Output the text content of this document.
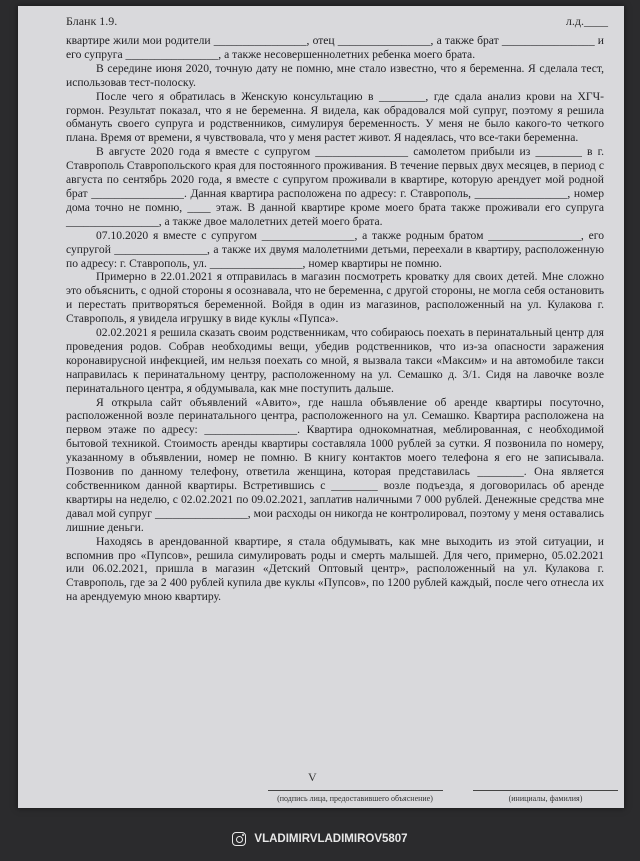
Бланк 1.9.	л.д.____

квартире жили мои родители ________________, отец ________________, а также брат ________________ и его супруга ________________, а также несовершеннолетних ребенка моего брата.

В середине июня 2020, точную дату не помню, мне стало известно, что я беременна. Я сделала тест, использовав тест-полоску.

После чего я обратилась в Женскую консультацию в ________, где сдала анализ крови на ХГЧ-гормон. Результат показал, что я не беременна. Я видела, как обрадовался мой супруг, поэтому я решила обмануть своего супруга и родственников, симулируя беременность. У меня не было какого-то четкого плана. Время от времени, я чувствовала, что у меня растет живот. Я надеялась, что все-таки беременна.

В августе 2020 года я вместе с супругом ________________ самолетом прибыли из ________ в г. Ставрополь Ставропольского края для постоянного проживания. В течение первых двух месяцев, в период с августа по сентябрь 2020 года, я вместе с супругом проживали в квартире, которую арендует мой родной брат ________________. Данная квартира расположена по адресу: г. Ставрополь, ________________, номер дома точно не помню, ____ этаж. В данной квартире кроме моего брата также проживали его супруга ________________, а также двое малолетних детей моего брата.

07.10.2020 я вместе с супругом ________________, а также родным братом ________________, его супругой ________________, а также их двумя малолетними детьми, переехали в квартиру, расположенную по адресу: г. Ставрополь, ул. ________________, номер квартиры не помню.

Примерно в 22.01.2021 я отправилась в магазин посмотреть кроватку для своих детей. Мне сложно это объяснить, с одной стороны я осознавала, что не беременна, с другой стороны, не могла себя остановить и перестать притворяться беременной. Войдя в один из магазинов, расположенный на ул. Кулакова г. Ставрополь, я увидела игрушку в виде куклы «Пупса».

02.02.2021 я решила сказать своим родственникам, что собираюсь поехать в перинатальный центр для проведения родов. Собрав необходимы вещи, убедив родственников, что из-за опасности заражения коронавирусной инфекцией, им нельзя поехать со мной, я вызвала такси «Максим» и на автомобиле такси направилась к перинатальному центру, расположенному на ул. Семашко д. 3/1. Сидя на лавочке возле перинатального центра, я обдумывала, как мне поступить дальше.

Я открыла сайт объявлений «Авито», где нашла объявление об аренде квартиры посуточно, расположенной возле перинатального центра, расположенного на ул. Семашко. Квартира расположена на первом этаже по адресу: ________________. Квартира однокомнатная, меблированная, с необходимой бытовой техникой. Стоимость аренды квартиры составляла 1000 рублей за сутки. Я позвонила по номеру, указанному в объявлении, номер не помню. В книгу контактов моего телефона я его не записывала. Позвонив по данному телефону, ответила женщина, которая представилась ________. Она является собственником данной квартиры. Встретившись с ________ возле подъезда, я договорилась об аренде квартиры на неделю, с 02.02.2021 по 09.02.2021, заплатив наличными 7 000 рублей. Денежные средства мне давал мой супруг ________________, мои расходы он никогда не контролировал, поэтому у меня оставались лишние деньги.

Находясь в арендованной квартире, я стала обдумывать, как мне выходить из этой ситуации, и вспомнив про «Пупсов», решила симулировать роды и смерть малышей. Для чего, примерно, 05.02.2021 или 06.02.2021, пришла в магазин «Детский Оптовый центр», расположенный на ул. Кулакова г. Ставрополь, где за 2 400 рублей купила две куклы «Пупсов», по 1200 рублей каждый, после чего отнесла их на арендуемую мною квартиру.

V
(подпись лица, предоставившего объяснение)	(инициалы, фамилия)
VLADIMIRVLADIMIROV5807
